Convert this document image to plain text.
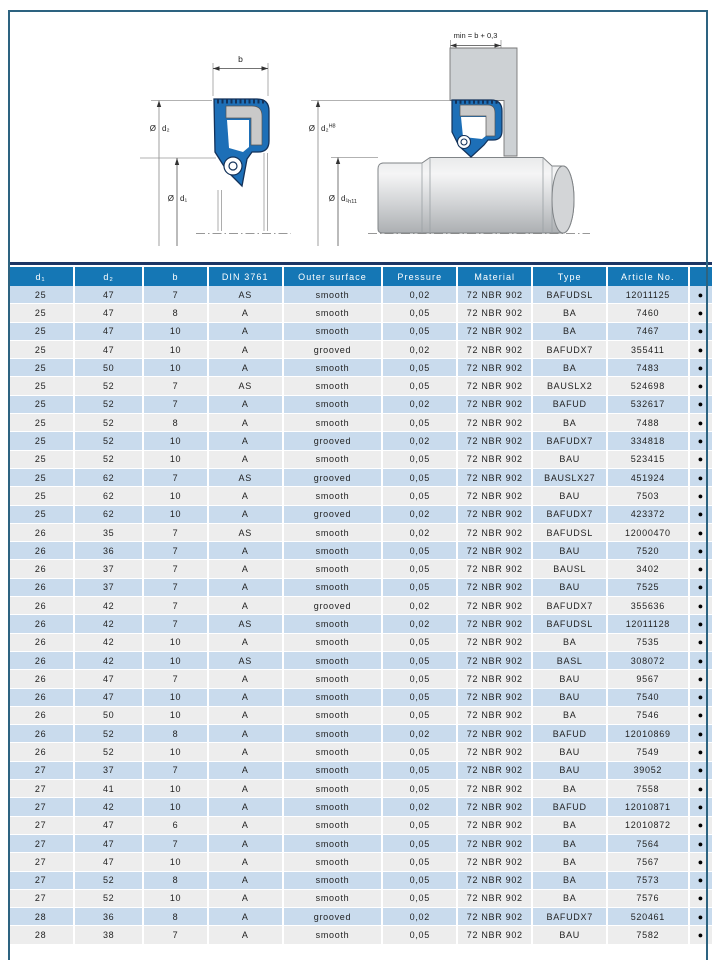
b
Ø d₂
Ø d₁
min = b + 0,3
Ø d₂$^{H8}$
Ø $d_1_{h11}$
d₁	d₂	b	DIN 3761	Outer surface	Pressure	Material	Type	Article No.	
25	47	7	AS	smooth	0,02	72 NBR 902	BAFUDSL	12011125	●
25	47	8	A	smooth	0,05	72 NBR 902	BA	7460	●
25	47	10	A	smooth	0,05	72 NBR 902	BA	7467	●
25	47	10	A	grooved	0,02	72 NBR 902	BAFUDX7	355411	●
25	50	10	A	smooth	0,05	72 NBR 902	BA	7483	●
25	52	7	AS	smooth	0,05	72 NBR 902	BAUSLX2	524698	●
25	52	7	A	smooth	0,02	72 NBR 902	BAFUD	532617	●
25	52	8	A	smooth	0,05	72 NBR 902	BA	7488	●
25	52	10	A	grooved	0,02	72 NBR 902	BAFUDX7	334818	●
25	52	10	A	smooth	0,05	72 NBR 902	BAU	523415	●
25	62	7	AS	grooved	0,05	72 NBR 902	BAUSLX27	451924	●
25	62	10	A	smooth	0,05	72 NBR 902	BAU	7503	●
25	62	10	A	grooved	0,02	72 NBR 902	BAFUDX7	423372	●
26	35	7	AS	smooth	0,02	72 NBR 902	BAFUDSL	12000470	●
26	36	7	A	smooth	0,05	72 NBR 902	BAU	7520	●
26	37	7	A	smooth	0,05	72 NBR 902	BAUSL	3402	●
26	37	7	A	smooth	0,05	72 NBR 902	BAU	7525	●
26	42	7	A	grooved	0,02	72 NBR 902	BAFUDX7	355636	●
26	42	7	AS	smooth	0,02	72 NBR 902	BAFUDSL	12011128	●
26	42	10	A	smooth	0,05	72 NBR 902	BA	7535	●
26	42	10	AS	smooth	0,05	72 NBR 902	BASL	308072	●
26	47	7	A	smooth	0,05	72 NBR 902	BAU	9567	●
26	47	10	A	smooth	0,05	72 NBR 902	BAU	7540	●
26	50	10	A	smooth	0,05	72 NBR 902	BA	7546	●
26	52	8	A	smooth	0,02	72 NBR 902	BAFUD	12010869	●
26	52	10	A	smooth	0,05	72 NBR 902	BAU	7549	●
27	37	7	A	smooth	0,05	72 NBR 902	BAU	39052	●
27	41	10	A	smooth	0,05	72 NBR 902	BA	7558	●
27	42	10	A	smooth	0,02	72 NBR 902	BAFUD	12010871	●
27	47	6	A	smooth	0,05	72 NBR 902	BA	12010872	●
27	47	7	A	smooth	0,05	72 NBR 902	BA	7564	●
27	47	10	A	smooth	0,05	72 NBR 902	BA	7567	●
27	52	8	A	smooth	0,05	72 NBR 902	BA	7573	●
27	52	10	A	smooth	0,05	72 NBR 902	BA	7576	●
28	36	8	A	grooved	0,02	72 NBR 902	BAFUDX7	520461	●
28	38	7	A	smooth	0,05	72 NBR 902	BAU	7582	●
